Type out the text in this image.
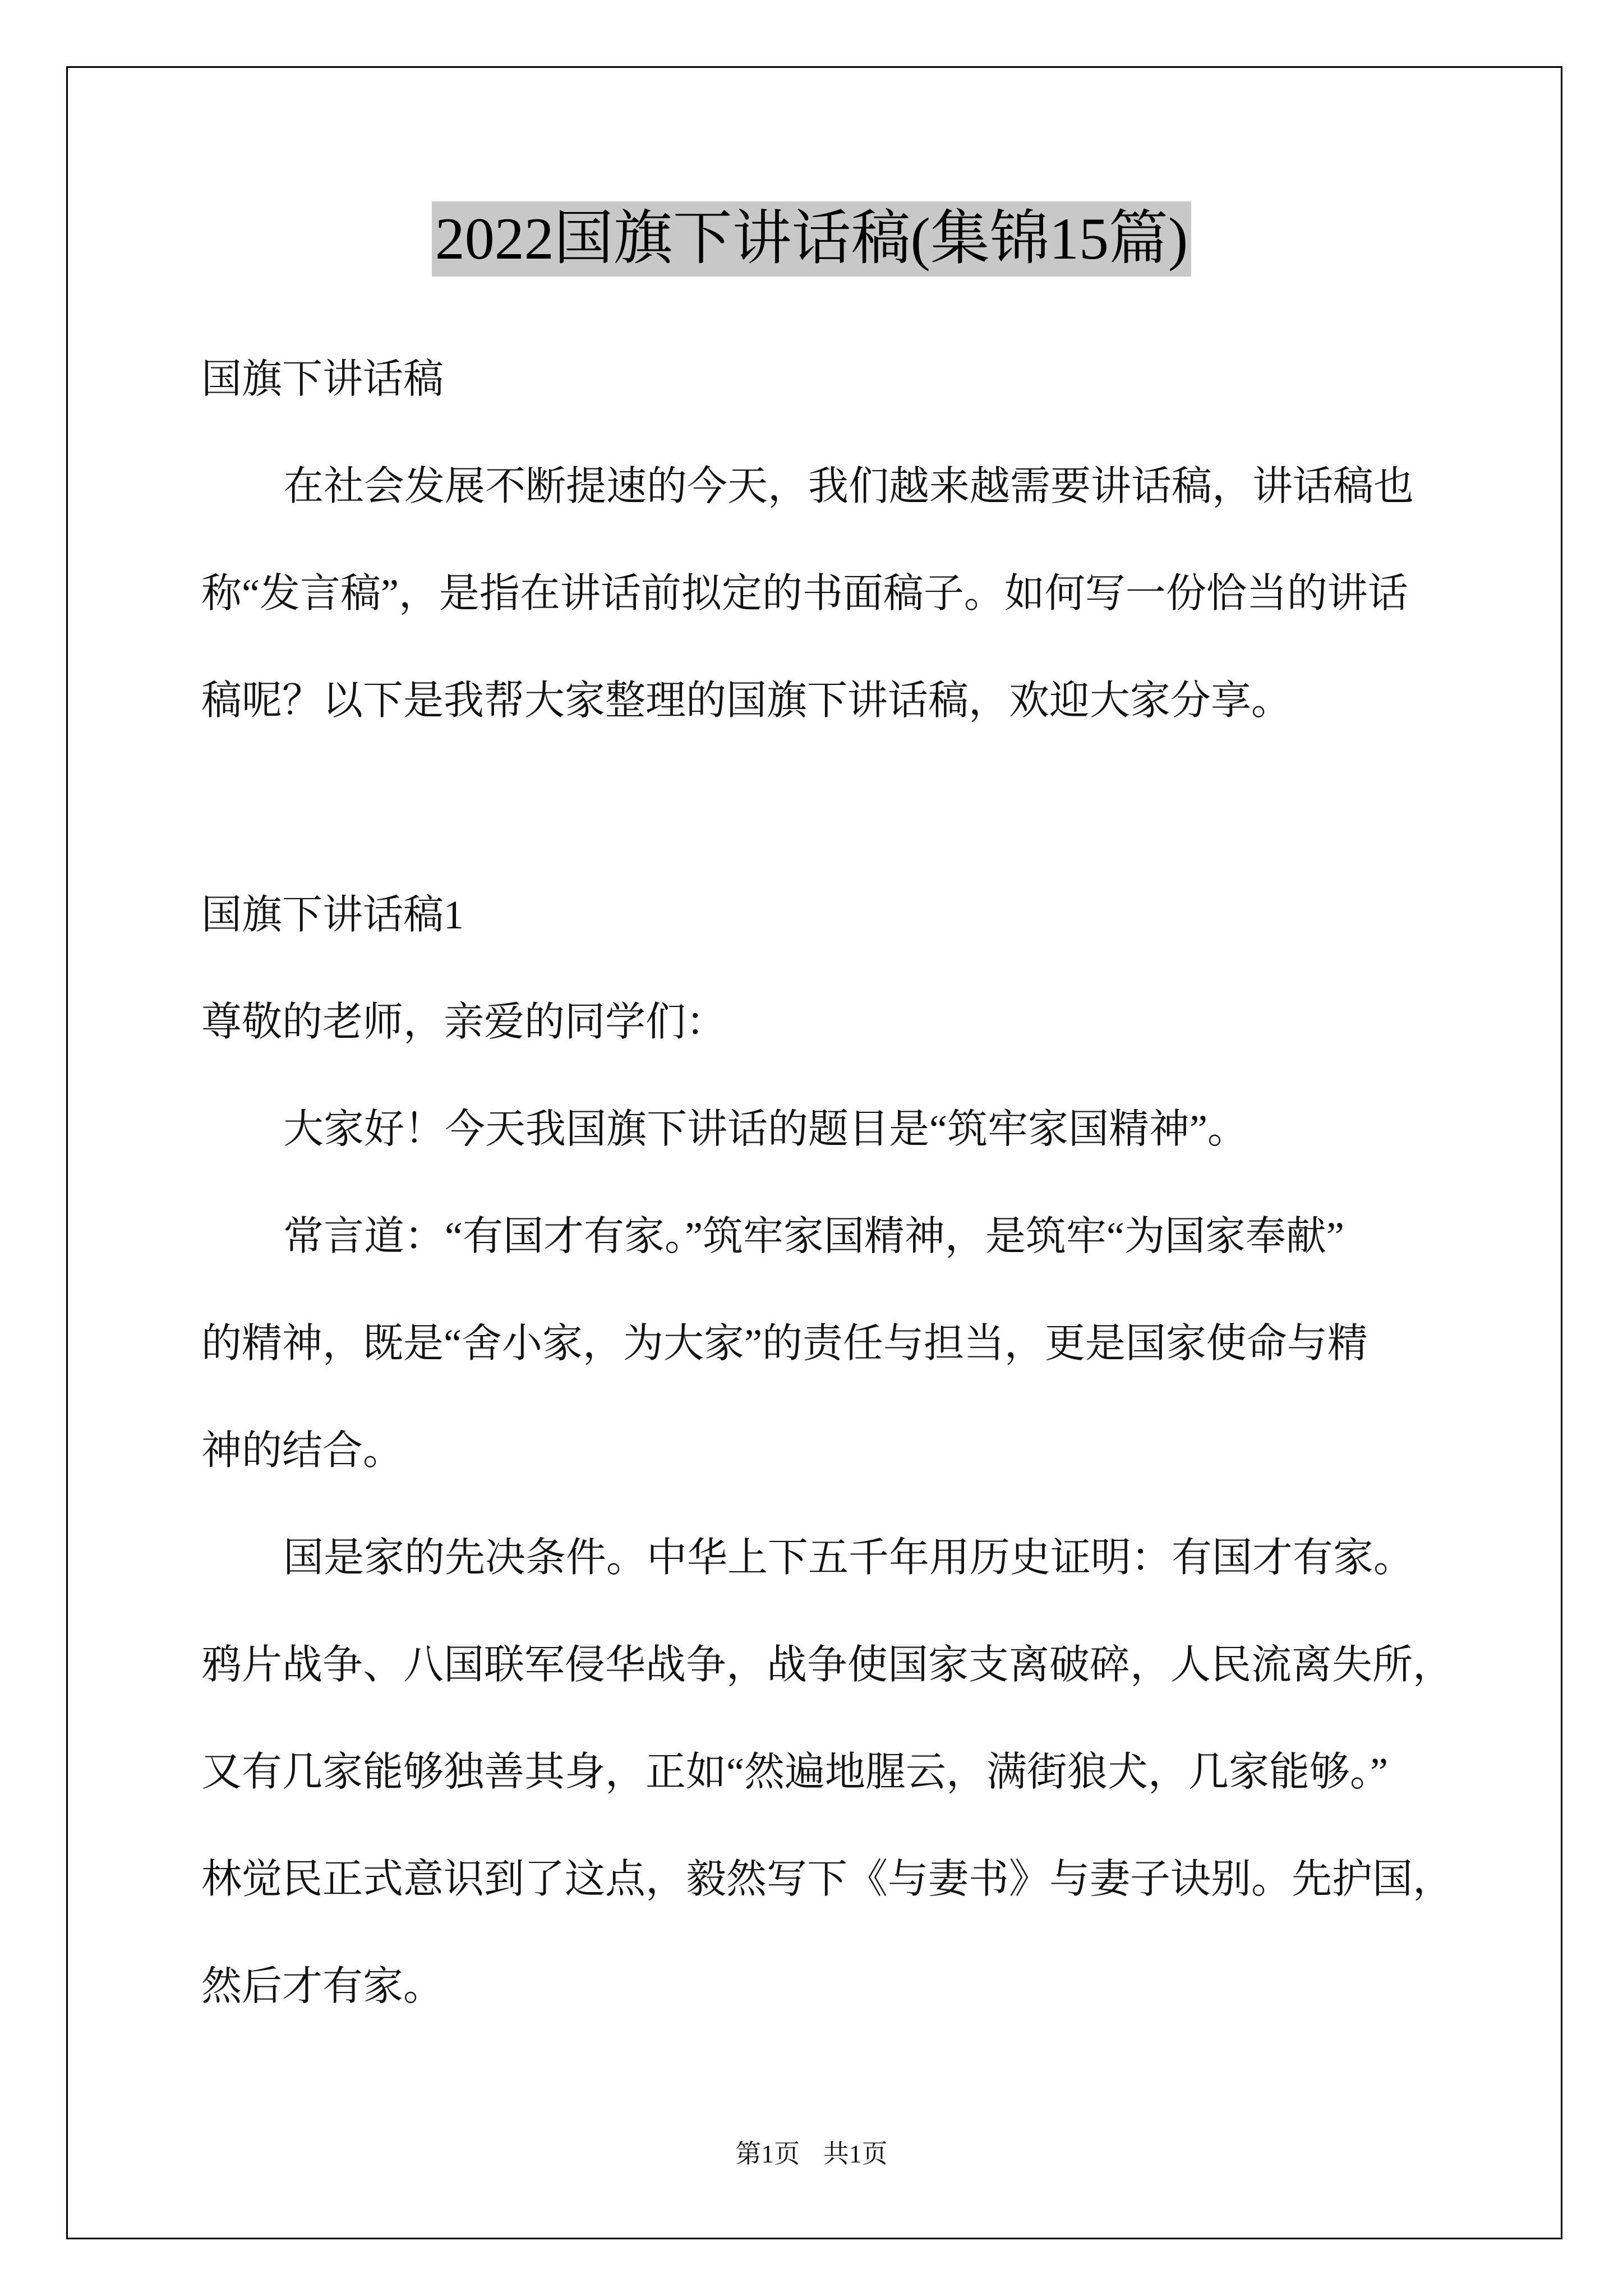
2022国旗下讲话稿(集锦15篇)
国旗下讲话稿
在社会发展不断提速的今天，我们越来越需要讲话稿，讲话稿也
称“发言稿”，是指在讲话前拟定的书面稿子。如何写一份恰当的讲话
稿呢？以下是我帮大家整理的国旗下讲话稿，欢迎大家分享。
国旗下讲话稿1
尊敬的老师，亲爱的同学们：
大家好！今天我国旗下讲话的题目是“筑牢家国精神”。
常言道：“有国才有家。”筑牢家国精神，是筑牢“为国家奉献”
的精神，既是“舍小家，为大家”的责任与担当，更是国家使命与精
神的结合。
国是家的先决条件。中华上下五千年用历史证明：有国才有家。
鸦片战争、八国联军侵华战争，战争使国家支离破碎，人民流离失所，
又有几家能够独善其身，正如“然遍地腥云，满街狼犬，几家能够。”
林觉民正式意识到了这点，毅然写下《与妻书》与妻子诀别。先护国，
然后才有家。
第1页 共1页
